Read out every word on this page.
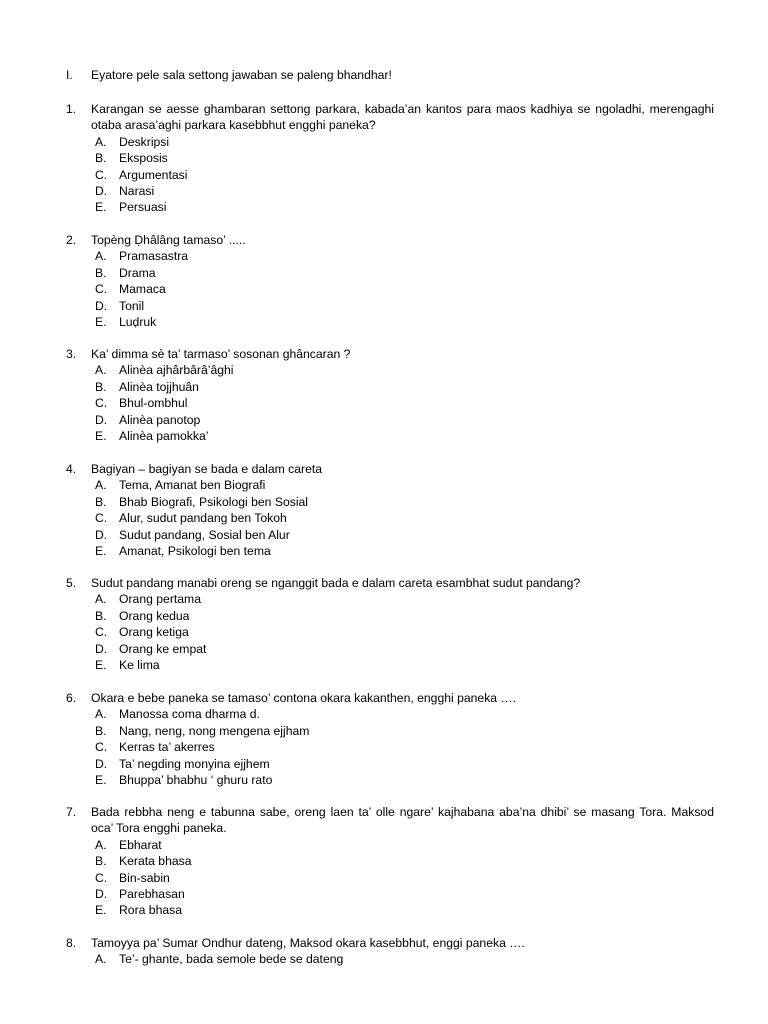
I.	Eyatore pele sala settong jawaban se paleng bhandhar!
1.	Karangan se aesse ghambaran settong parkara, kabada’an kantos para maos kadhiya se ngoladhi, merengaghi otaba arasa’aghi parkara kasebbhut engghi paneka?
A.	Deskripsi
B.	Eksposis
C. Argumentasi
D. Narasi
E.	Persuasi
2.	Topèng Ḍhâlâng tamaso’ .....
A.	Pramasastra
B.	Drama
C. Mamaca
D. Tonil
E.	Luḍruk
3.	Ka’ dimma sè ta’ tarmaso’ sosonan ghâncaran ?
A.	Alinèa ajhârbârâ’âghi
B.	Alinèa tojjhuân
C. Bhul-ombhul
D. Alinèa panotop
E.	Alinèa pamokka’
4.	Bagiyan – bagiyan se bada e dalam careta
A.	Tema, Amanat ben Biografi
B.	Bhab Biografi, Psikologi ben Sosial
C. Alur, sudut pandang ben Tokoh
D. Sudut pandang, Sosial ben Alur
E.	Amanat, Psikologi ben tema
5.	Sudut pandang manabi oreng se nganggit bada e dalam careta esambhat sudut pandang?
A.	Orang pertama
B.	Orang kedua
C. Orang ketiga
D. Orang ke empat
E.	Ke lima
6.	Okara e bebe paneka se tamaso’ contona okara kakanthen, engghi paneka ….
A.	Manossa coma dharma d.
B.	Nang, neng, nong mengena ejjham
C. Kerras ta’ akerres
D. Ta’ negding monyina ejjhem
E.	Bhuppa’ bhabhu ‘ ghuru rato
7.	Bada rebbha neng e tabunna sabe, oreng laen ta’ olle ngare’ kajhabana aba’na dhibi’ se masang Tora. Maksod oca’ Tora engghi paneka.
A.	Ebharat
B.	Kerata bhasa
C. Bin-sabin
D. Parebhasan
E.	Rora bhasa
8.	Tamoyya pa’ Sumar Ondhur dateng, Maksod okara kasebbhut, enggi paneka ….
A.	Te’- ghante, bada semole bede se dateng
